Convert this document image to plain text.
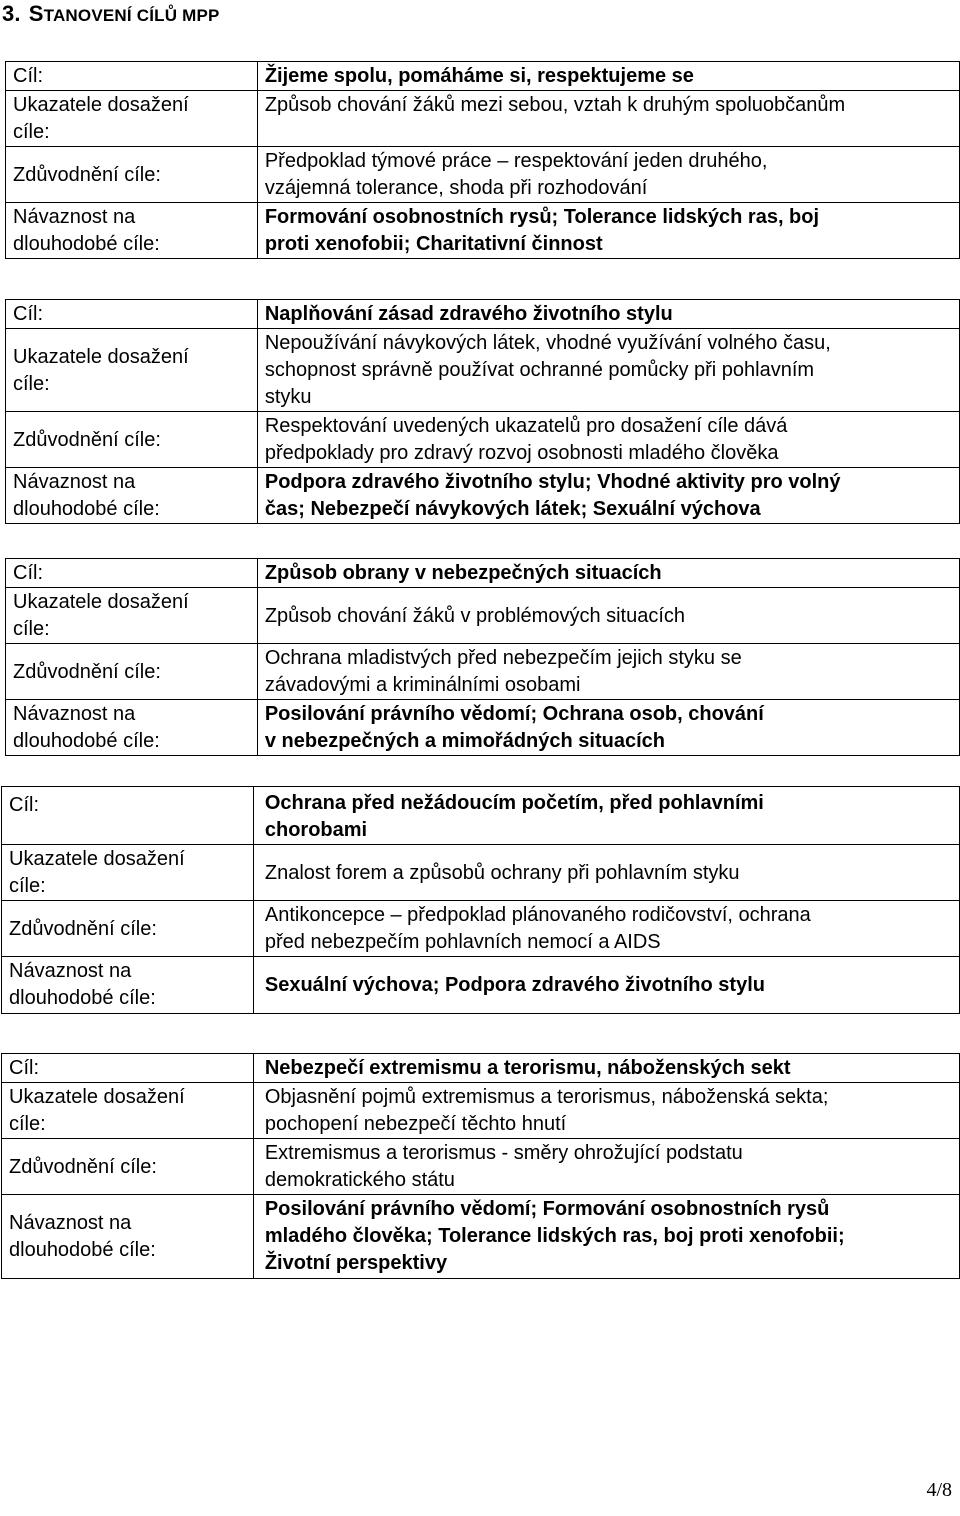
3. STANOVENÍ CÍLŮ MPP
Cíl:	Žijeme spolu, pomáháme si, respektujeme se
Ukazatele dosažení
cíle:	Způsob chování žáků mezi sebou, vztah k druhým spoluobčanům
Zdůvodnění cíle:	Předpoklad týmové práce – respektování jeden druhého,
vzájemná tolerance, shoda při rozhodování
Návaznost na
dlouhodobé cíle:	Formování osobnostních rysů; Tolerance lidských ras, boj
proti xenofobii; Charitativní činnost
Cíl:	Naplňování zásad zdravého životního stylu
Ukazatele dosažení
cíle:	Nepoužívání návykových látek, vhodné využívání volného času,
schopnost správně používat ochranné pomůcky při pohlavním
styku
Zdůvodnění cíle:	Respektování uvedených ukazatelů pro dosažení cíle dává
předpoklady pro zdravý rozvoj osobnosti mladého člověka
Návaznost na
dlouhodobé cíle:	Podpora zdravého životního stylu; Vhodné aktivity pro volný
čas; Nebezpečí návykových látek; Sexuální výchova
Cíl:	Způsob obrany v nebezpečných situacích
Ukazatele dosažení
cíle:	Způsob chování žáků v problémových situacích
Zdůvodnění cíle:	Ochrana mladistvých před nebezpečím jejich styku se
závadovými a kriminálními osobami
Návaznost na
dlouhodobé cíle:	Posilování právního vědomí; Ochrana osob, chování
v nebezpečných a mimořádných situacích
Cíl:	Ochrana před nežádoucím početím, před pohlavními
chorobami
Ukazatele dosažení
cíle:	Znalost forem a způsobů ochrany při pohlavním styku
Zdůvodnění cíle:	Antikoncepce – předpoklad plánovaného rodičovství, ochrana
před nebezpečím pohlavních nemocí a AIDS
Návaznost na
dlouhodobé cíle:	Sexuální výchova; Podpora zdravého životního stylu
Cíl:	Nebezpečí extremismu a terorismu, náboženských sekt
Ukazatele dosažení
cíle:	Objasnění pojmů extremismus a terorismus, náboženská sekta;
pochopení nebezpečí těchto hnutí
Zdůvodnění cíle:	Extremismus a terorismus - směry ohrožující podstatu
demokratického státu
Návaznost na
dlouhodobé cíle:	Posilování právního vědomí; Formování osobnostních rysů
mladého člověka; Tolerance lidských ras, boj proti xenofobii;
Životní perspektivy
4/8
